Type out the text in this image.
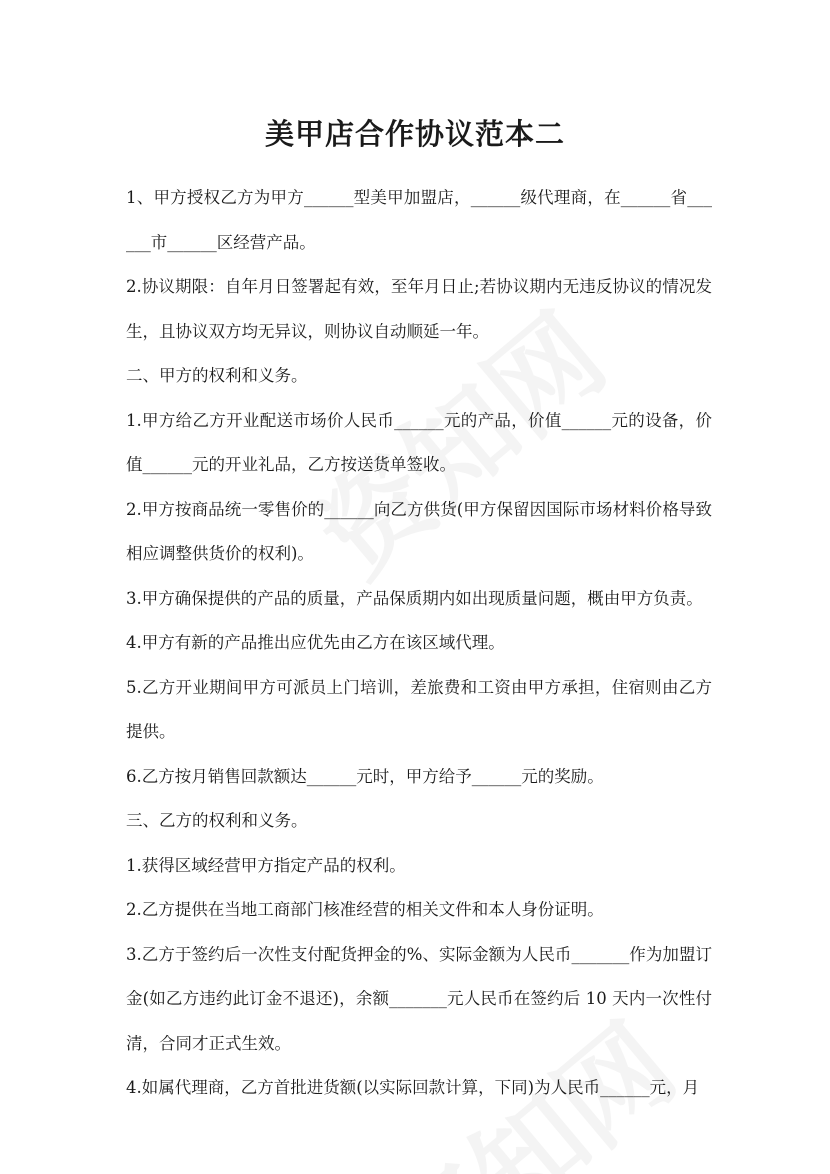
美甲店合作协议范本二

1、甲方授权乙方为甲方______型美甲加盟店，______级代理商，在______省______市______区经营产品。

2.协议期限：自年月日签署起有效，至年月日止;若协议期内无违反协议的情况发生，且协议双方均无异议，则协议自动顺延一年。

二、甲方的权利和义务。

1.甲方给乙方开业配送市场价人民币______元的产品，价值______元的设备，价值______元的开业礼品，乙方按送货单签收。

2.甲方按商品统一零售价的______向乙方供货(甲方保留因国际市场材料价格导致相应调整供货价的权利)。

3.甲方确保提供的产品的质量，产品保质期内如出现质量问题，概由甲方负责。

4.甲方有新的产品推出应优先由乙方在该区域代理。

5.乙方开业期间甲方可派员上门培训，差旅费和工资由甲方承担，住宿则由乙方提供。

6.乙方按月销售回款额达______元时，甲方给予______元的奖励。

三、乙方的权利和义务。

1.获得区域经营甲方指定产品的权利。

2.乙方提供在当地工商部门核准经营的相关文件和本人身份证明。

3.乙方于签约后一次性支付配货押金的%、实际金额为人民币_______作为加盟订金(如乙方违约此订金不退还)，余额_______元人民币在签约后 10 天内一次性付清，合同才正式生效。

4.如属代理商，乙方首批进货额(以实际回款计算，下同)为人民币______元，月
